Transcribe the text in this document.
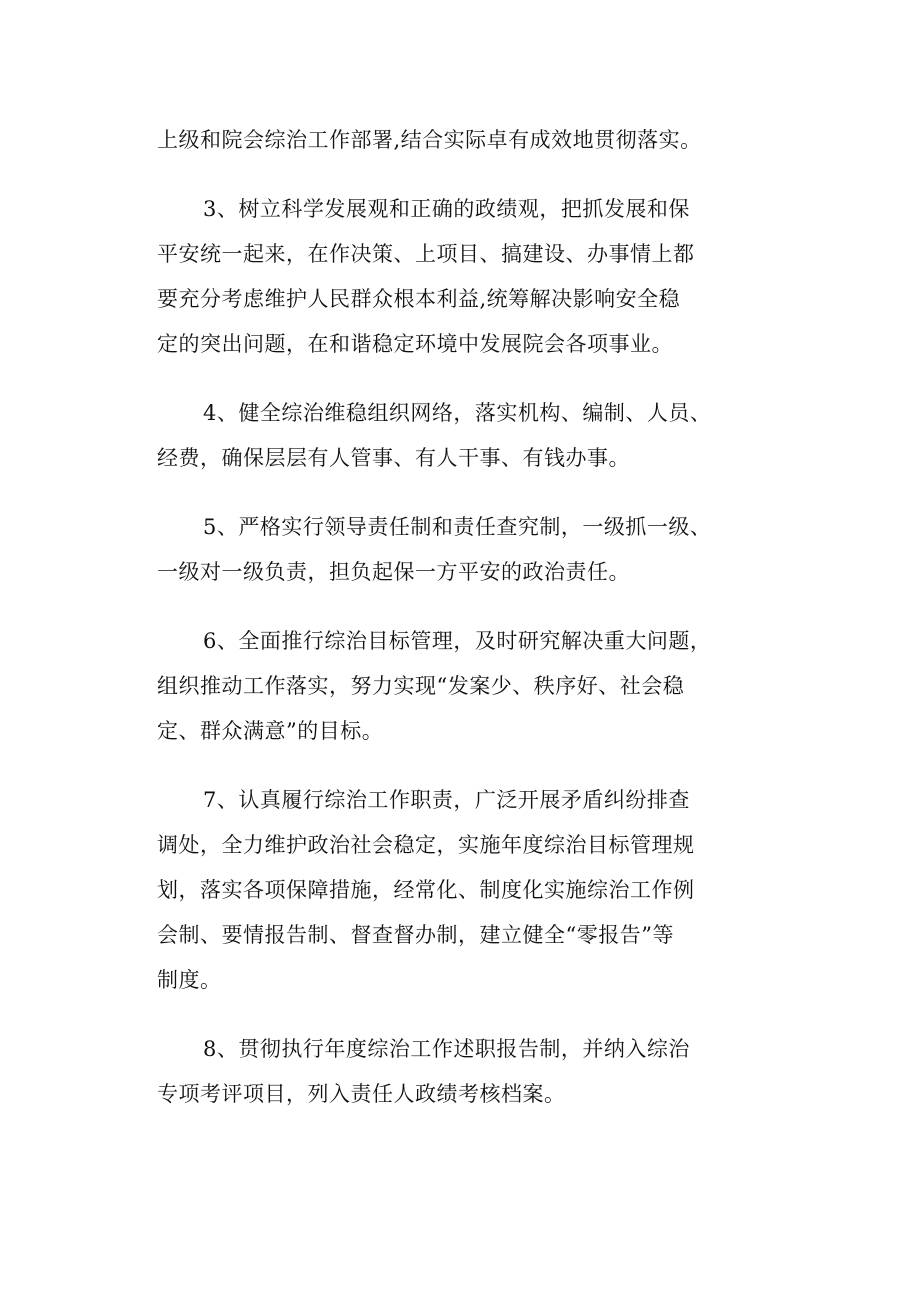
上级和院会综治工作部署,结合实际卓有成效地贯彻落实。

3、树立科学发展观和正确的政绩观，把抓发展和保
平安统一起来，在作决策、上项目、搞建设、办事情上都
要充分考虑维护人民群众根本利益,统筹解决影响安全稳
定的突出问题，在和谐稳定环境中发展院会各项事业。

4、健全综治维稳组织网络，落实机构、编制、人员、
经费，确保层层有人管事、有人干事、有钱办事。

5、严格实行领导责任制和责任查究制，一级抓一级、
一级对一级负责，担负起保一方平安的政治责任。

6、全面推行综治目标管理，及时研究解决重大问题，
组织推动工作落实，努力实现“发案少、秩序好、社会稳
定、群众满意”的目标。

7、认真履行综治工作职责，广泛开展矛盾纠纷排查
调处，全力维护政治社会稳定，实施年度综治目标管理规
划，落实各项保障措施，经常化、制度化实施综治工作例
会制、要情报告制、督查督办制，建立健全“零报告”等
制度。

8、贯彻执行年度综治工作述职报告制，并纳入综治
专项考评项目，列入责任人政绩考核档案。
